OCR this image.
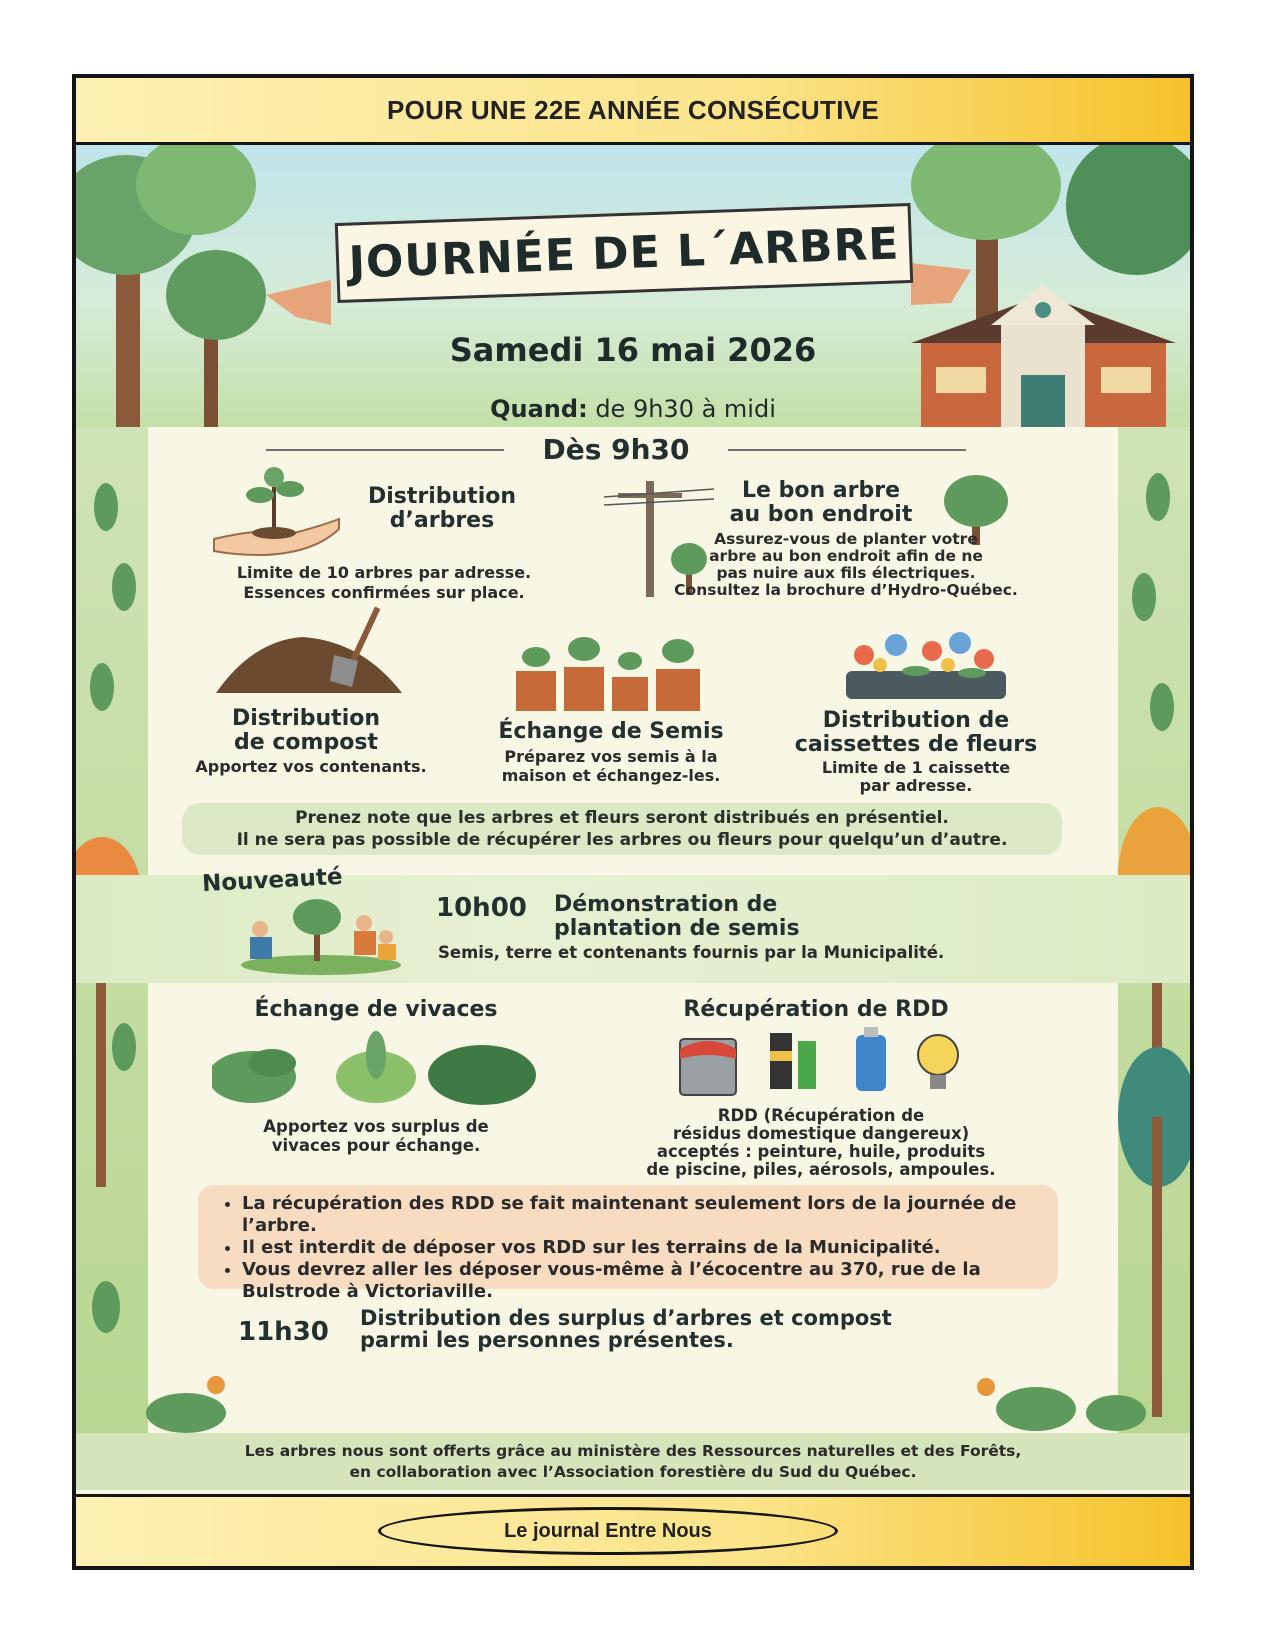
POUR UNE 22E ANNÉE CONSÉCUTIVE
JOURNÉE DE L´ARBRE
Samedi 16 mai 2026
Quand: de 9h30 à midi
Dès 9h30
Distribution
d’arbres
Limite de 10 arbres par adresse.
Essences confirmées sur place.
Le bon arbre
au bon endroit
Assurez-vous de planter votre
arbre au bon endroit afin de ne
pas nuire aux fils électriques.
Consultez la brochure d’Hydro-Québec.
Distribution
de compost
Apportez vos contenants.
Échange de Semis
Préparez vos semis à la
maison et échangez-les.
Distribution de
caissettes de fleurs
Limite de 1 caissette
par adresse.
Prenez note que les arbres et fleurs seront distribués en présentiel.
Il ne sera pas possible de récupérer les arbres ou fleurs pour quelqu’un d’autre.
Nouveauté
10h00	Démonstration de
plantation de semis
Semis, terre et contenants fournis par la Municipalité.
Échange de vivaces
Apportez vos surplus de
vivaces pour échange.
Récupération de RDD
RDD (Récupération de
résidus domestique dangereux)
acceptés : peinture, huile, produits
de piscine, piles, aérosols, ampoules.
• La récupération des RDD se fait maintenant seulement lors de la journée de l’arbre.
• Il est interdit de déposer vos RDD sur les terrains de la Municipalité.
• Vous devrez aller les déposer vous-même à l’écocentre au 370, rue de la Bulstrode à Victoriaville.
11h30	Distribution des surplus d’arbres et compost
parmi les personnes présentes.
Les arbres nous sont offerts grâce au ministère des Ressources naturelles et des Forêts,
en collaboration avec l’Association forestière du Sud du Québec.
Le journal Entre Nous
